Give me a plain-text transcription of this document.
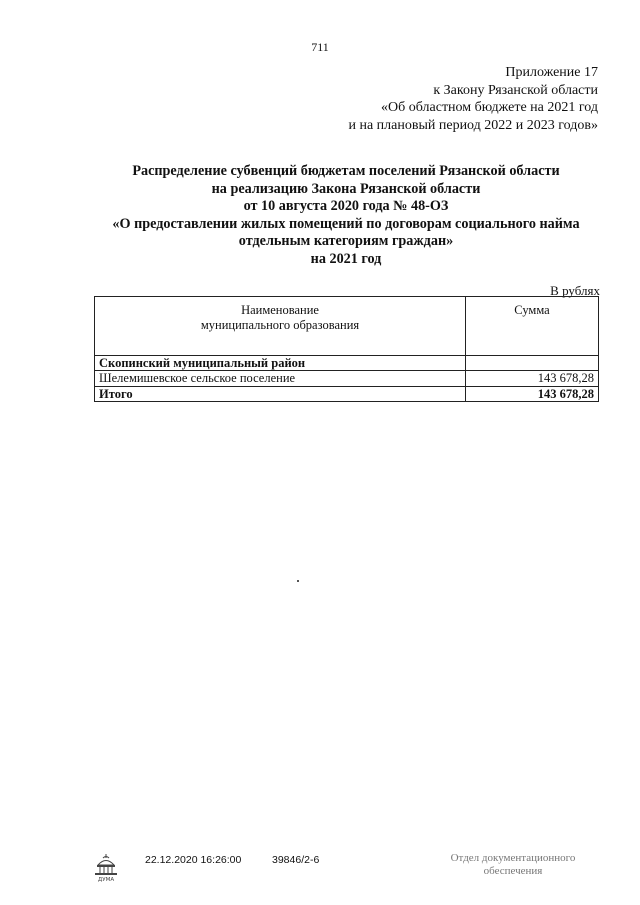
711
Приложение 17
к Закону Рязанской области
«Об областном бюджете на 2021 год
и на плановый период 2022 и 2023 годов»
Распределение субвенций бюджетам поселений Рязанской области
на реализацию Закона Рязанской области
от 10 августа 2020 года № 48-ОЗ
«О предоставлении жилых помещений по договорам социального найма
отдельным категориям граждан»
на 2021 год
В рублях
Наименование
муниципального образования	Сумма
Скопинский муниципальный район	
Шелемишевское сельское поселение	143 678,28
Итого	143 678,28
ДУМА
22.12.2020 16:26:00	39846/2-6	Отдел документационного
обеспечения
